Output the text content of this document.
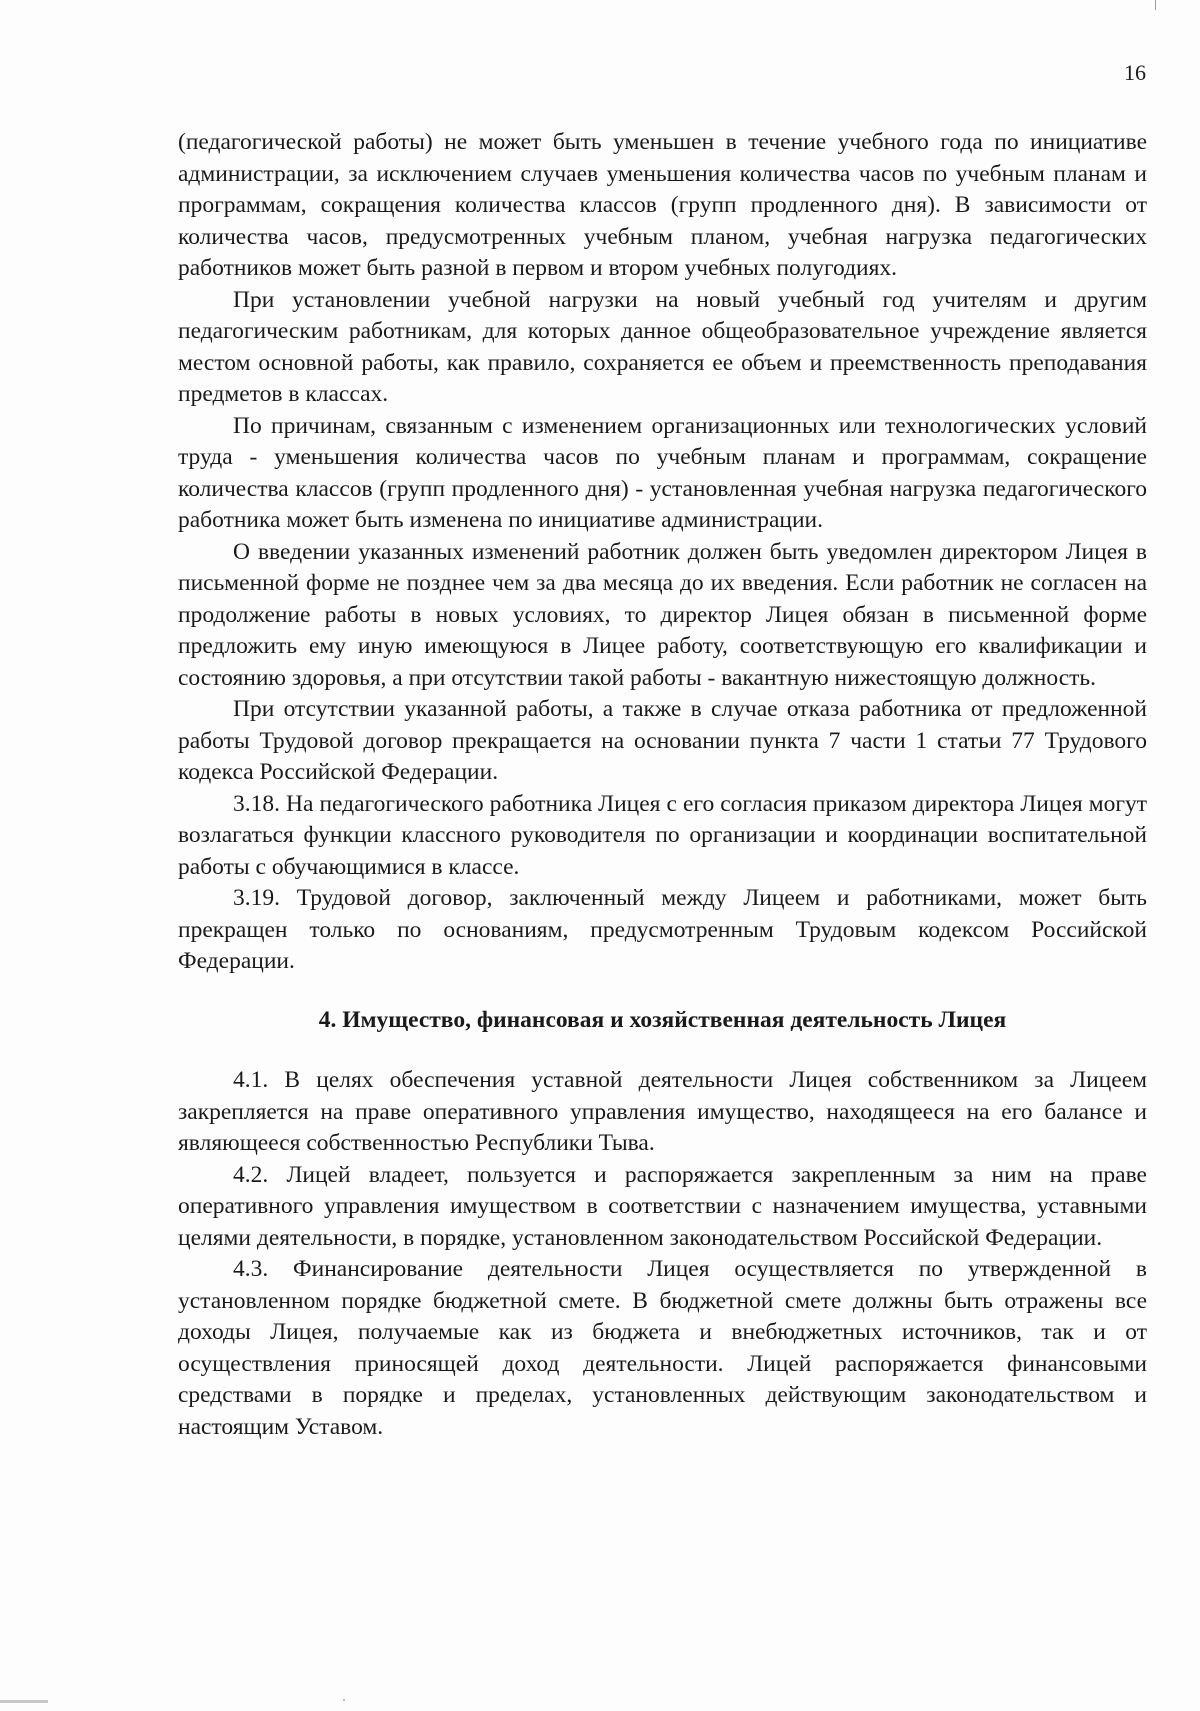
16

(педагогической работы) не может быть уменьшен в течение учебного года по инициативе администрации, за исключением случаев уменьшения количества часов по учебным планам и программам, сокращения количества классов (групп продленного дня). В зависимости от количества часов, предусмотренных учебным планом, учебная нагрузка педагогических работников может быть разной в первом и втором учебных полугодиях.

При установлении учебной нагрузки на новый учебный год учителям и другим педагогическим работникам, для которых данное общеобразовательное учреждение является местом основной работы, как правило, сохраняется ее объем и преемственность преподавания предметов в классах.

По причинам, связанным с изменением организационных или технологических условий труда - уменьшения количества часов по учебным планам и программам, сокращение количества классов (групп продленного дня) - установленная учебная нагрузка педагогического работника может быть изменена по инициативе администрации.

О введении указанных изменений работник должен быть уведомлен директором Лицея в письменной форме не позднее чем за два месяца до их введения. Если работник не согласен на продолжение работы в новых условиях, то директор Лицея обязан в письменной форме предложить ему иную имеющуюся в Лицее работу, соответствующую его квалификации и состоянию здоровья, а при отсутствии такой работы - вакантную нижестоящую должность.

При отсутствии указанной работы, а также в случае отказа работника от предложенной работы Трудовой договор прекращается на основании пункта 7 части 1 статьи 77 Трудового кодекса Российской Федерации.

3.18. На педагогического работника Лицея с его согласия приказом директора Лицея могут возлагаться функции классного руководителя по организации и координации воспитательной работы с обучающимися в классе.

3.19. Трудовой договор, заключенный между Лицеем и работниками, может быть прекращен только по основаниям, предусмотренным Трудовым кодексом Российской Федерации.

4. Имущество, финансовая и хозяйственная деятельность Лицея

4.1. В целях обеспечения уставной деятельности Лицея собственником за Лицеем закрепляется на праве оперативного управления имущество, находящееся на его балансе и являющееся собственностью Республики Тыва.

4.2. Лицей владеет, пользуется и распоряжается закрепленным за ним на праве оперативного управления имуществом в соответствии с назначением имущества, уставными целями деятельности, в порядке, установленном законодательством Российской Федерации.

4.3. Финансирование деятельности Лицея осуществляется по утвержденной в установленном порядке бюджетной смете. В бюджетной смете должны быть отражены все доходы Лицея, получаемые как из бюджета и внебюджетных источников, так и от осуществления приносящей доход деятельности. Лицей распоряжается финансовыми средствами в порядке и пределах, установленных действующим законодательством и настоящим Уставом.
